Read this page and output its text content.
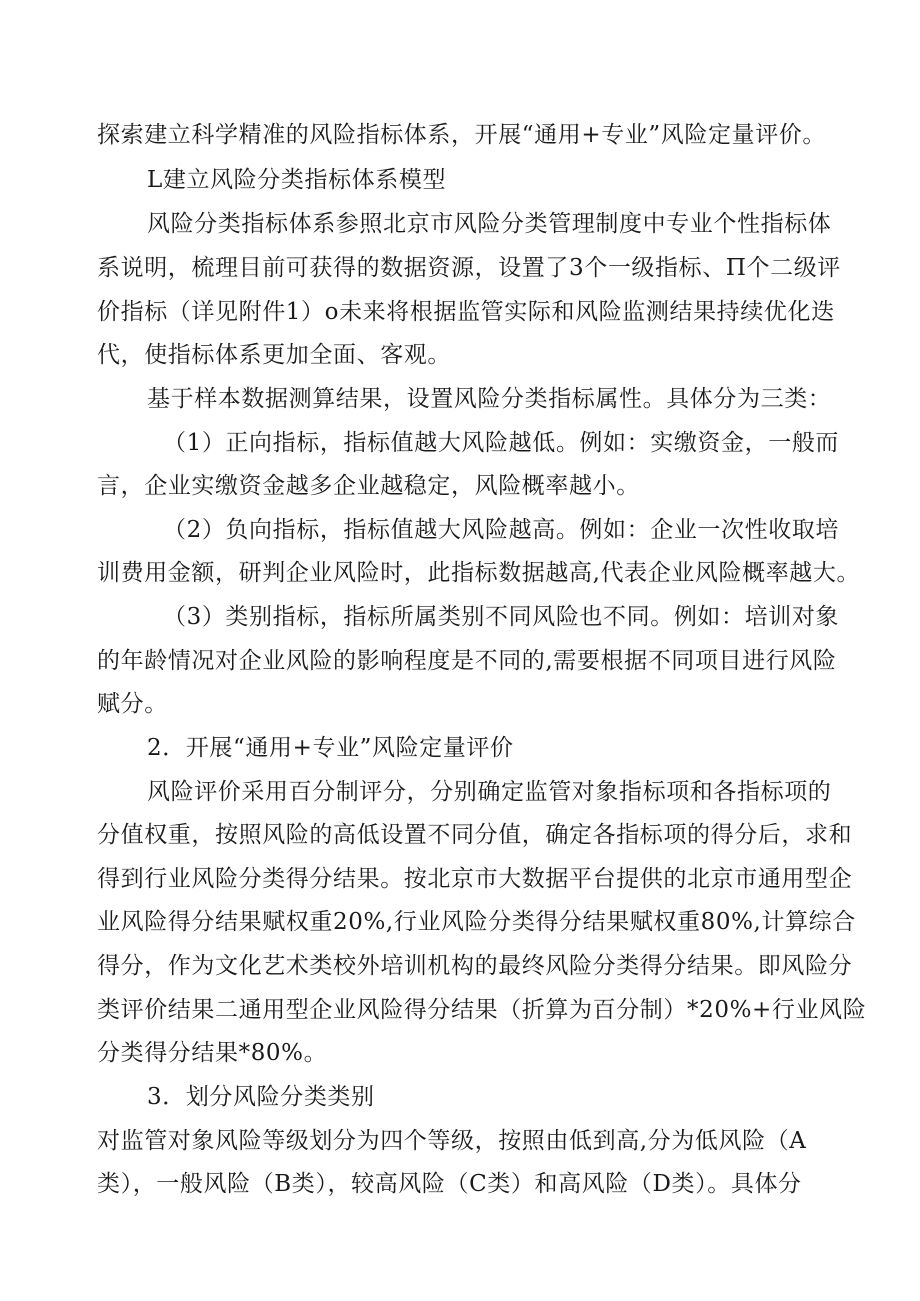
探索建立科学精准的风险指标体系，开展“通用+专业”风险定量评价。
L建立风险分类指标体系模型
风险分类指标体系参照北京市风险分类管理制度中专业个性指标体
系说明，梳理目前可获得的数据资源，设置了3个一级指标、Π个二级评
价指标（详见附件1）o未来将根据监管实际和风险监测结果持续优化迭
代，使指标体系更加全面、客观。
基于样本数据测算结果，设置风险分类指标属性。具体分为三类：
（1）正向指标，指标值越大风险越低。例如：实缴资金，一般而
言，企业实缴资金越多企业越稳定，风险概率越小。
（2）负向指标，指标值越大风险越高。例如：企业一次性收取培
训费用金额，研判企业风险时，此指标数据越高,代表企业风险概率越大。
（3）类别指标，指标所属类别不同风险也不同。例如：培训对象
的年龄情况对企业风险的影响程度是不同的,需要根据不同项目进行风险
赋分。
2．开展“通用+专业”风险定量评价
风险评价采用百分制评分，分别确定监管对象指标项和各指标项的
分值权重，按照风险的高低设置不同分值，确定各指标项的得分后，求和
得到行业风险分类得分结果。按北京市大数据平台提供的北京市通用型企
业风险得分结果赋权重20%,行业风险分类得分结果赋权重80%,计算综合
得分，作为文化艺术类校外培训机构的最终风险分类得分结果。即风险分
类评价结果二通用型企业风险得分结果（折算为百分制）*20%+行业风险
分类得分结果*80%。
3．划分风险分类类别
对监管对象风险等级划分为四个等级，按照由低到高,分为低风险（A
类），一般风险（B类），较高风险（C类）和高风险（D类）。具体分
